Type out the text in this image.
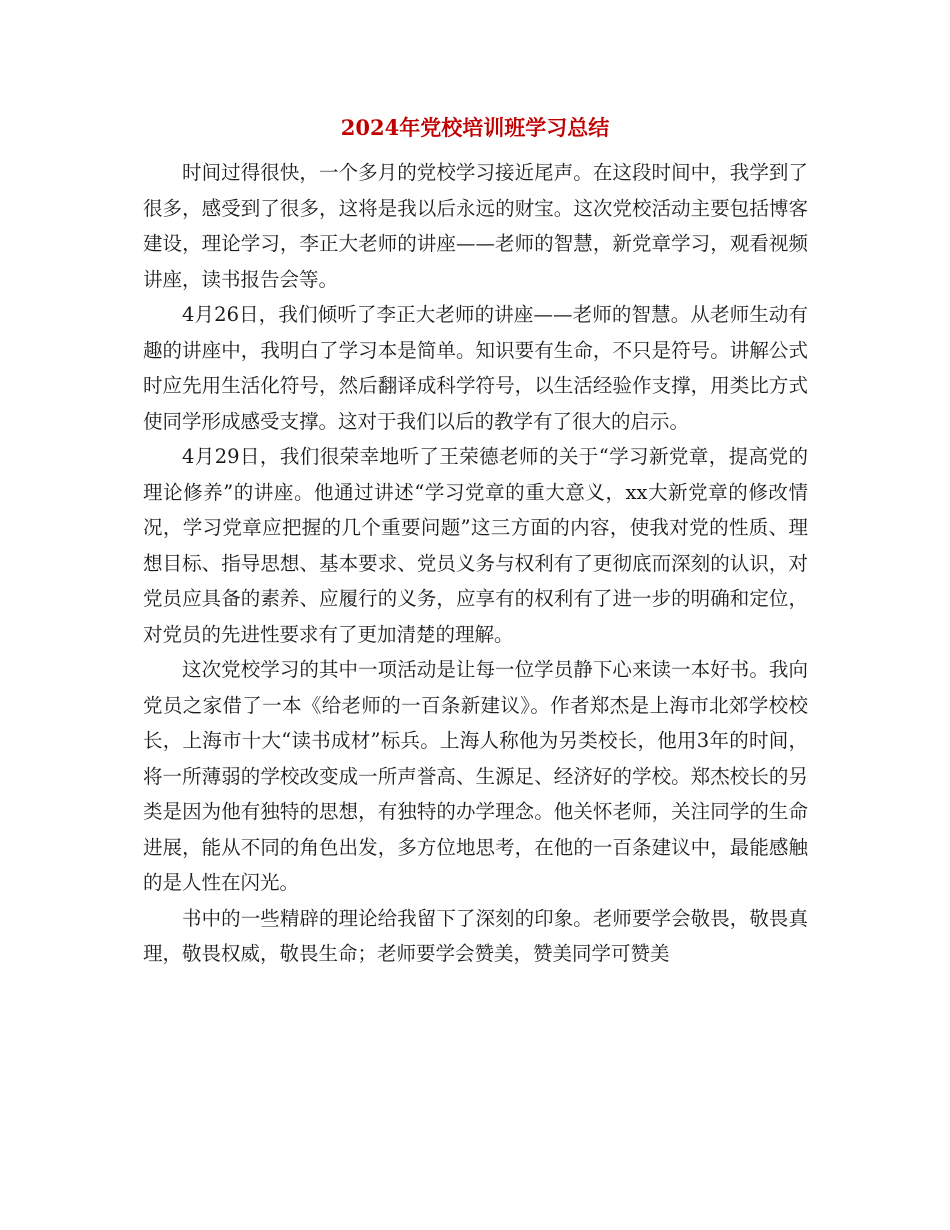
2024年党校培训班学习总结

时间过得很快，一个多月的党校学习接近尾声。在这段时间中，我学到了很多，感受到了很多，这将是我以后永远的财宝。这次党校活动主要包括博客建设，理论学习，李正大老师的讲座——老师的智慧，新党章学习，观看视频讲座，读书报告会等。

4月26日，我们倾听了李正大老师的讲座——老师的智慧。从老师生动有趣的讲座中，我明白了学习本是简单。知识要有生命，不只是符号。讲解公式时应先用生活化符号，然后翻译成科学符号，以生活经验作支撑，用类比方式使同学形成感受支撑。这对于我们以后的教学有了很大的启示。

4月29日，我们很荣幸地听了王荣德老师的关于“学习新党章，提高党的理论修养”的讲座。他通过讲述“学习党章的重大意义，xx大新党章的修改情况，学习党章应把握的几个重要问题”这三方面的内容，使我对党的性质、理想目标、指导思想、基本要求、党员义务与权利有了更彻底而深刻的认识，对党员应具备的素养、应履行的义务，应享有的权利有了进一步的明确和定位，对党员的先进性要求有了更加清楚的理解。

这次党校学习的其中一项活动是让每一位学员静下心来读一本好书。我向党员之家借了一本《给老师的一百条新建议》。作者郑杰是上海市北郊学校校长，上海市十大“读书成材”标兵。上海人称他为另类校长，他用3年的时间，将一所薄弱的学校改变成一所声誉高、生源足、经济好的学校。郑杰校长的另类是因为他有独特的思想，有独特的办学理念。他关怀老师，关注同学的生命进展，能从不同的角色出发，多方位地思考，在他的一百条建议中，最能感触的是人性在闪光。

书中的一些精辟的理论给我留下了深刻的印象。老师要学会敬畏，敬畏真理，敬畏权威，敬畏生命；老师要学会赞美，赞美同学可赞美
